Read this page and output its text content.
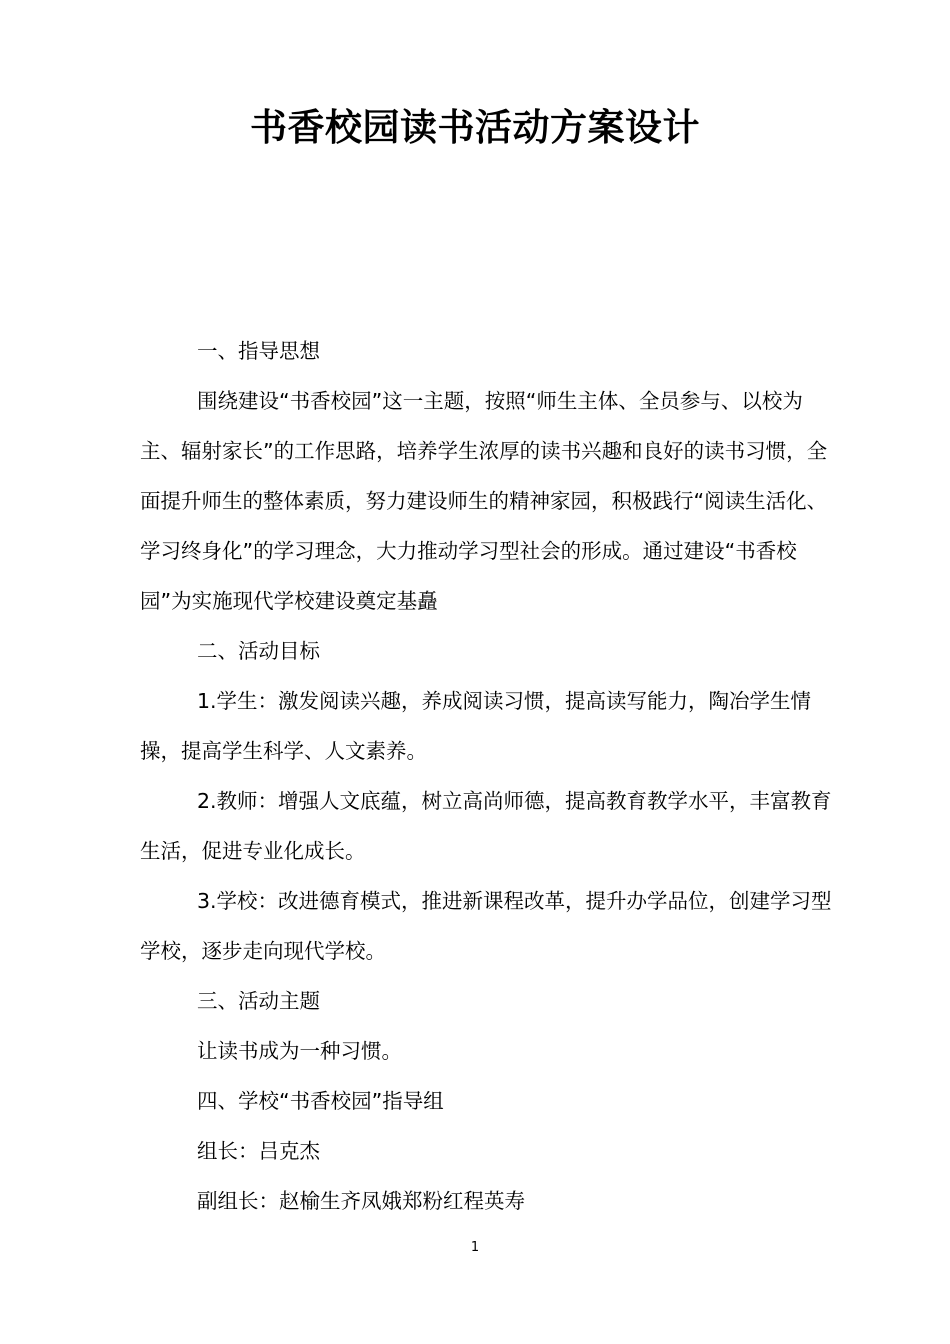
书香校园读书活动方案设计

一、指导思想

围绕建设“书香校园”这一主题，按照“师生主体、全员参与、以校为主、辐射家长”的工作思路，培养学生浓厚的读书兴趣和良好的读书习惯，全面提升师生的整体素质，努力建设师生的精神家园，积极践行“阅读生活化、学习终身化”的学习理念，大力推动学习型社会的形成。通过建设“书香校园”为实施现代学校建设奠定基矗

二、活动目标

1.学生：激发阅读兴趣，养成阅读习惯，提高读写能力，陶冶学生情操，提高学生科学、人文素养。

2.教师：增强人文底蕴，树立高尚师德，提高教育教学水平，丰富教育生活，促进专业化成长。

3.学校：改进德育模式，推进新课程改革，提升办学品位，创建学习型学校，逐步走向现代学校。

三、活动主题

让读书成为一种习惯。

四、学校“书香校园”指导组

组长：吕克杰

副组长：赵榆生齐凤娥郑粉红程英寿

1
